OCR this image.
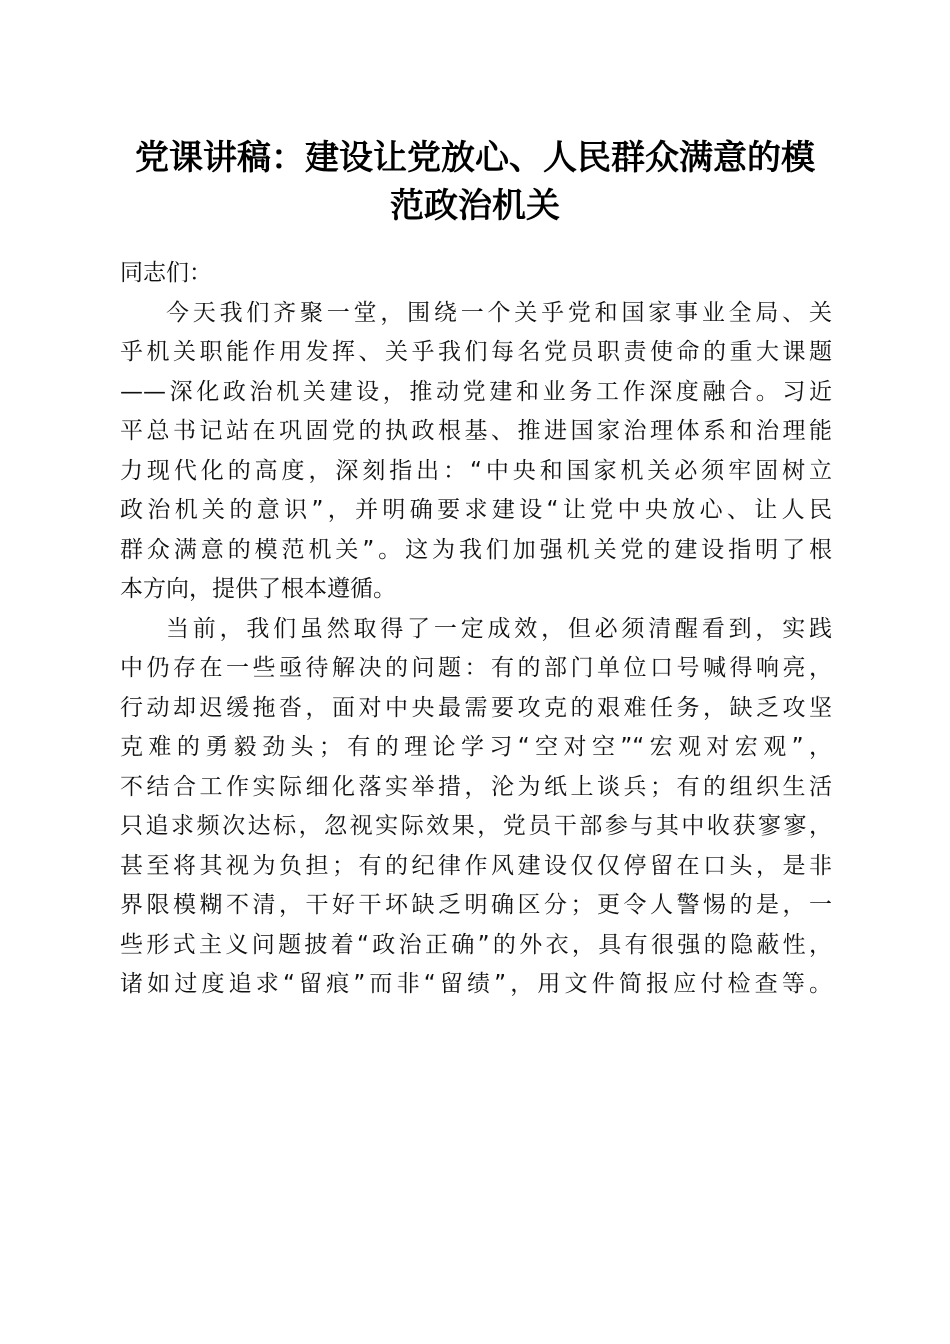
党课讲稿：建设让党放心、人民群众满意的模
范政治机关

同志们：

今天我们齐聚一堂，围绕一个关乎党和国家事业全局、关
乎机关职能作用发挥、关乎我们每名党员职责使命的重大课题
——深化政治机关建设，推动党建和业务工作深度融合。习近
平总书记站在巩固党的执政根基、推进国家治理体系和治理能
力现代化的高度，深刻指出：“中央和国家机关必须牢固树立
政治机关的意识”，并明确要求建设“让党中央放心、让人民
群众满意的模范机关”。这为我们加强机关党的建设指明了根
本方向，提供了根本遵循。

当前，我们虽然取得了一定成效，但必须清醒看到，实践
中仍存在一些亟待解决的问题：有的部门单位口号喊得响亮，
行动却迟缓拖沓，面对中央最需要攻克的艰难任务，缺乏攻坚
克难的勇毅劲头；有的理论学习“空对空”“宏观对宏观”，
不结合工作实际细化落实举措，沦为纸上谈兵；有的组织生活
只追求频次达标，忽视实际效果，党员干部参与其中收获寥寥，
甚至将其视为负担；有的纪律作风建设仅仅停留在口头，是非
界限模糊不清，干好干坏缺乏明确区分；更令人警惕的是，一
些形式主义问题披着“政治正确”的外衣，具有很强的隐蔽性，
诸如过度追求“留痕”而非“留绩”，用文件简报应付检查等。
